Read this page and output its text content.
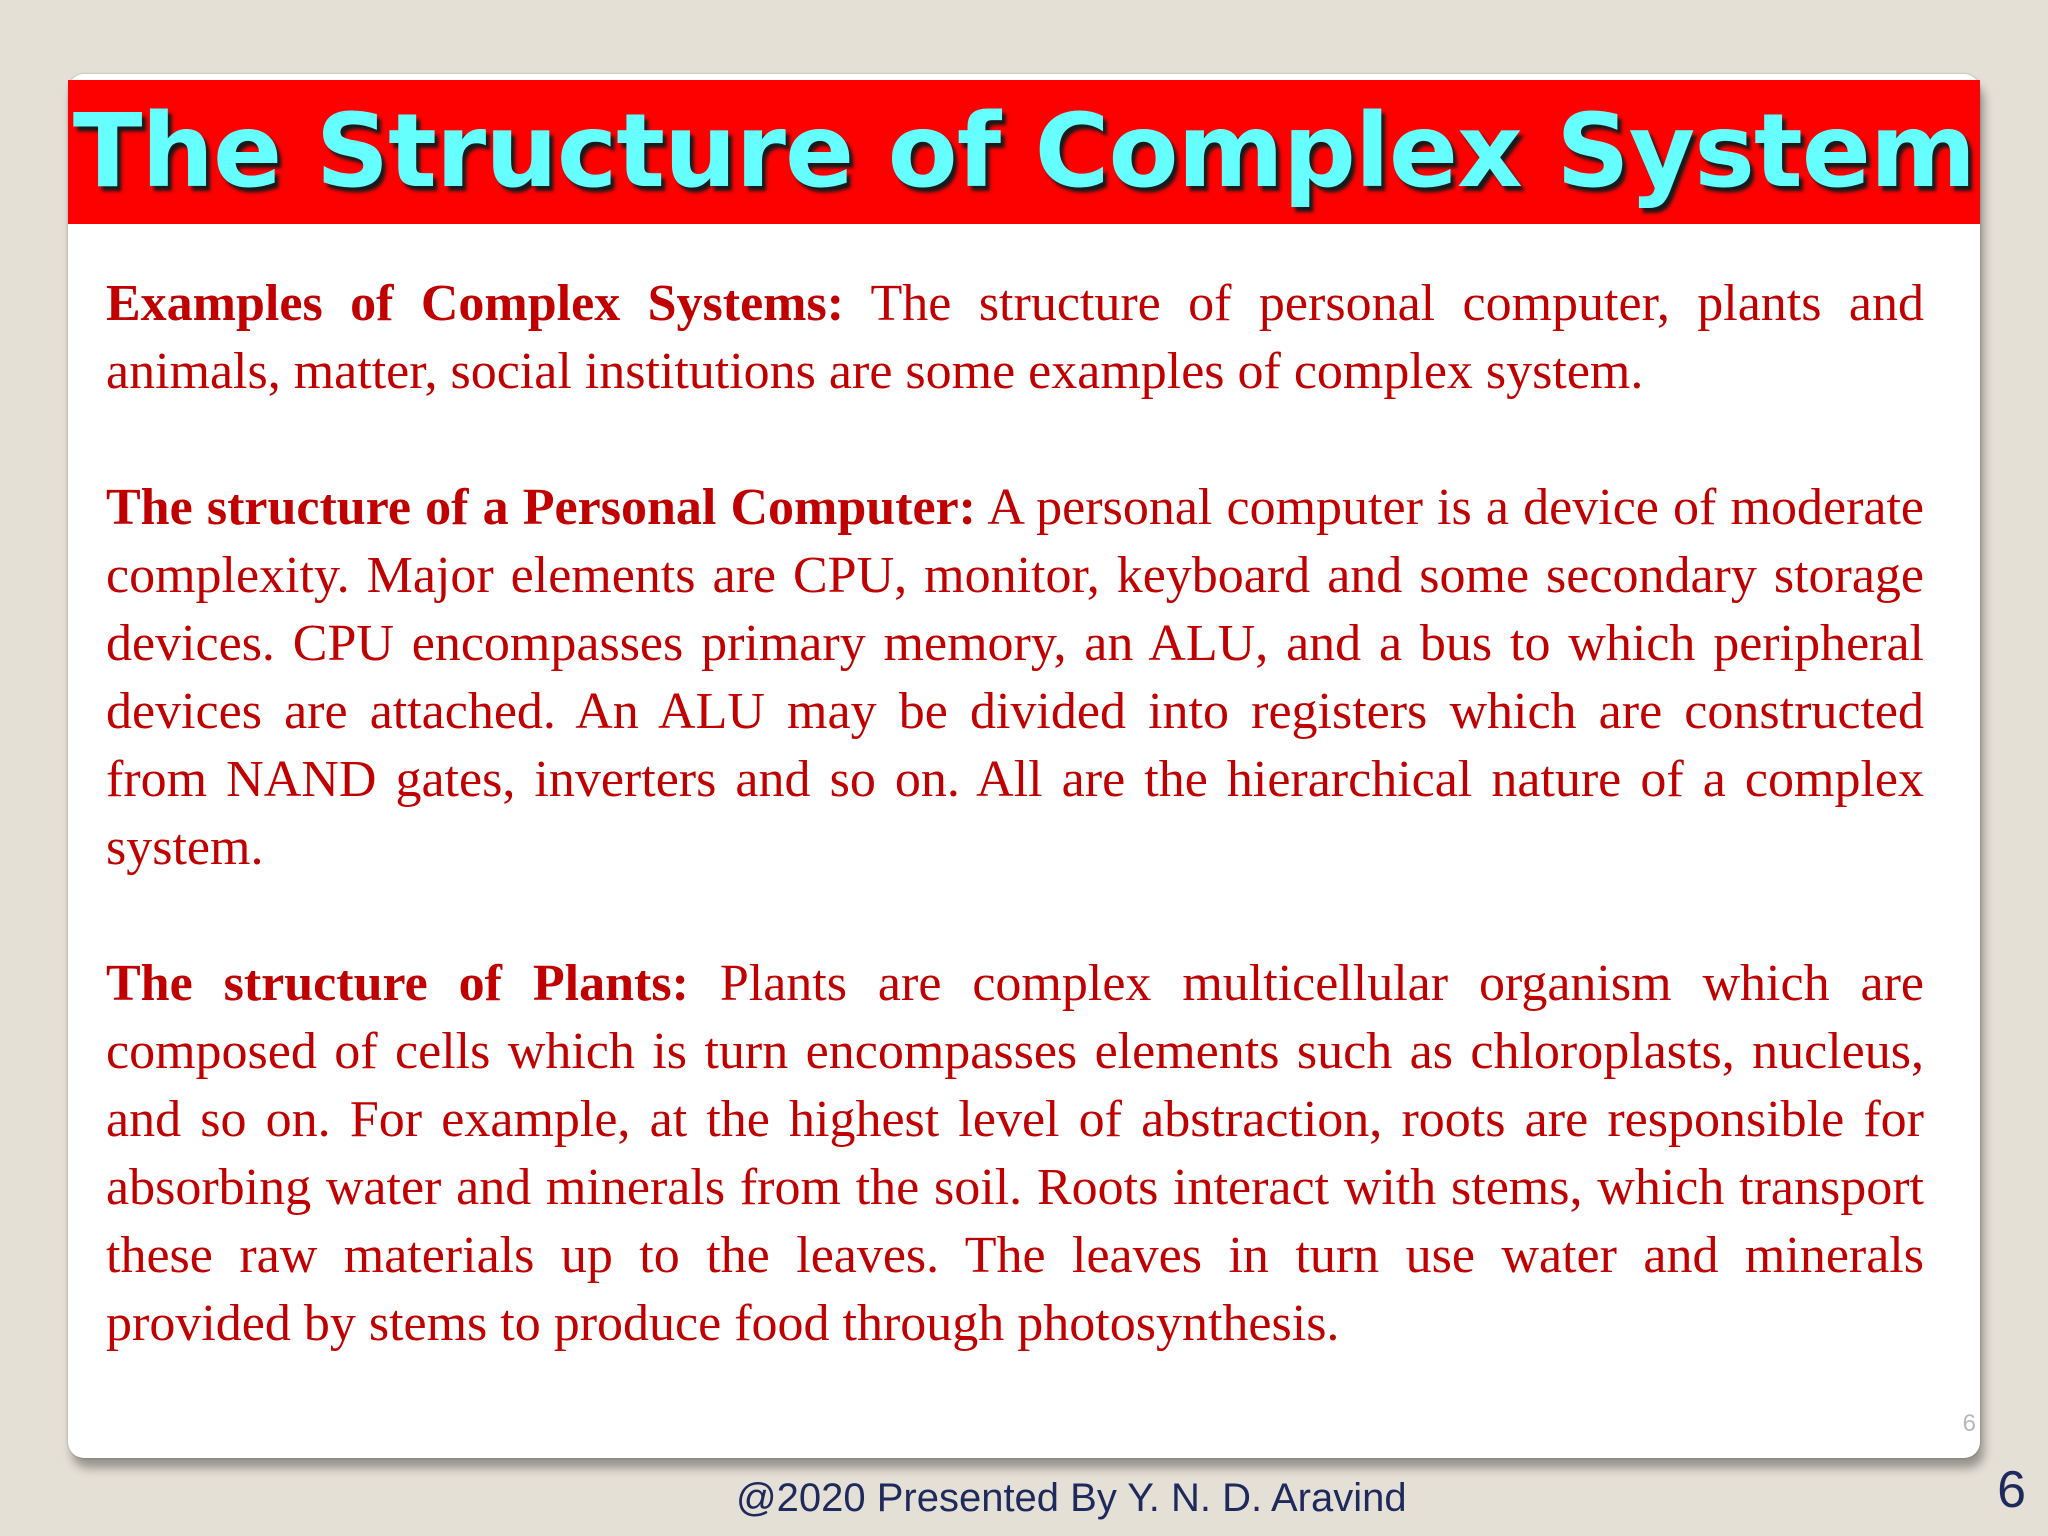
The Structure of Complex System

Examples of Complex Systems: The structure of personal computer, plants and animals, matter, social institutions are some examples of complex system.

The structure of a Personal Computer: A personal computer is a device of moderate complexity. Major elements are CPU, monitor, keyboard and some secondary storage devices. CPU encompasses primary memory, an ALU, and a bus to which peripheral devices are attached. An ALU may be divided into registers which are constructed from NAND gates, inverters and so on. All are the hierarchical nature of a complex system.

The structure of Plants: Plants are complex multicellular organism which are composed of cells which is turn encompasses elements such as chloroplasts, nucleus, and so on. For example, at the highest level of abstraction, roots are responsible for absorbing water and minerals from the soil. Roots interact with stems, which transport these raw materials up to the leaves. The leaves in turn use water and minerals provided by stems to produce food through photosynthesis.

6
@2020 Presented By Y. N. D. Aravind	6
